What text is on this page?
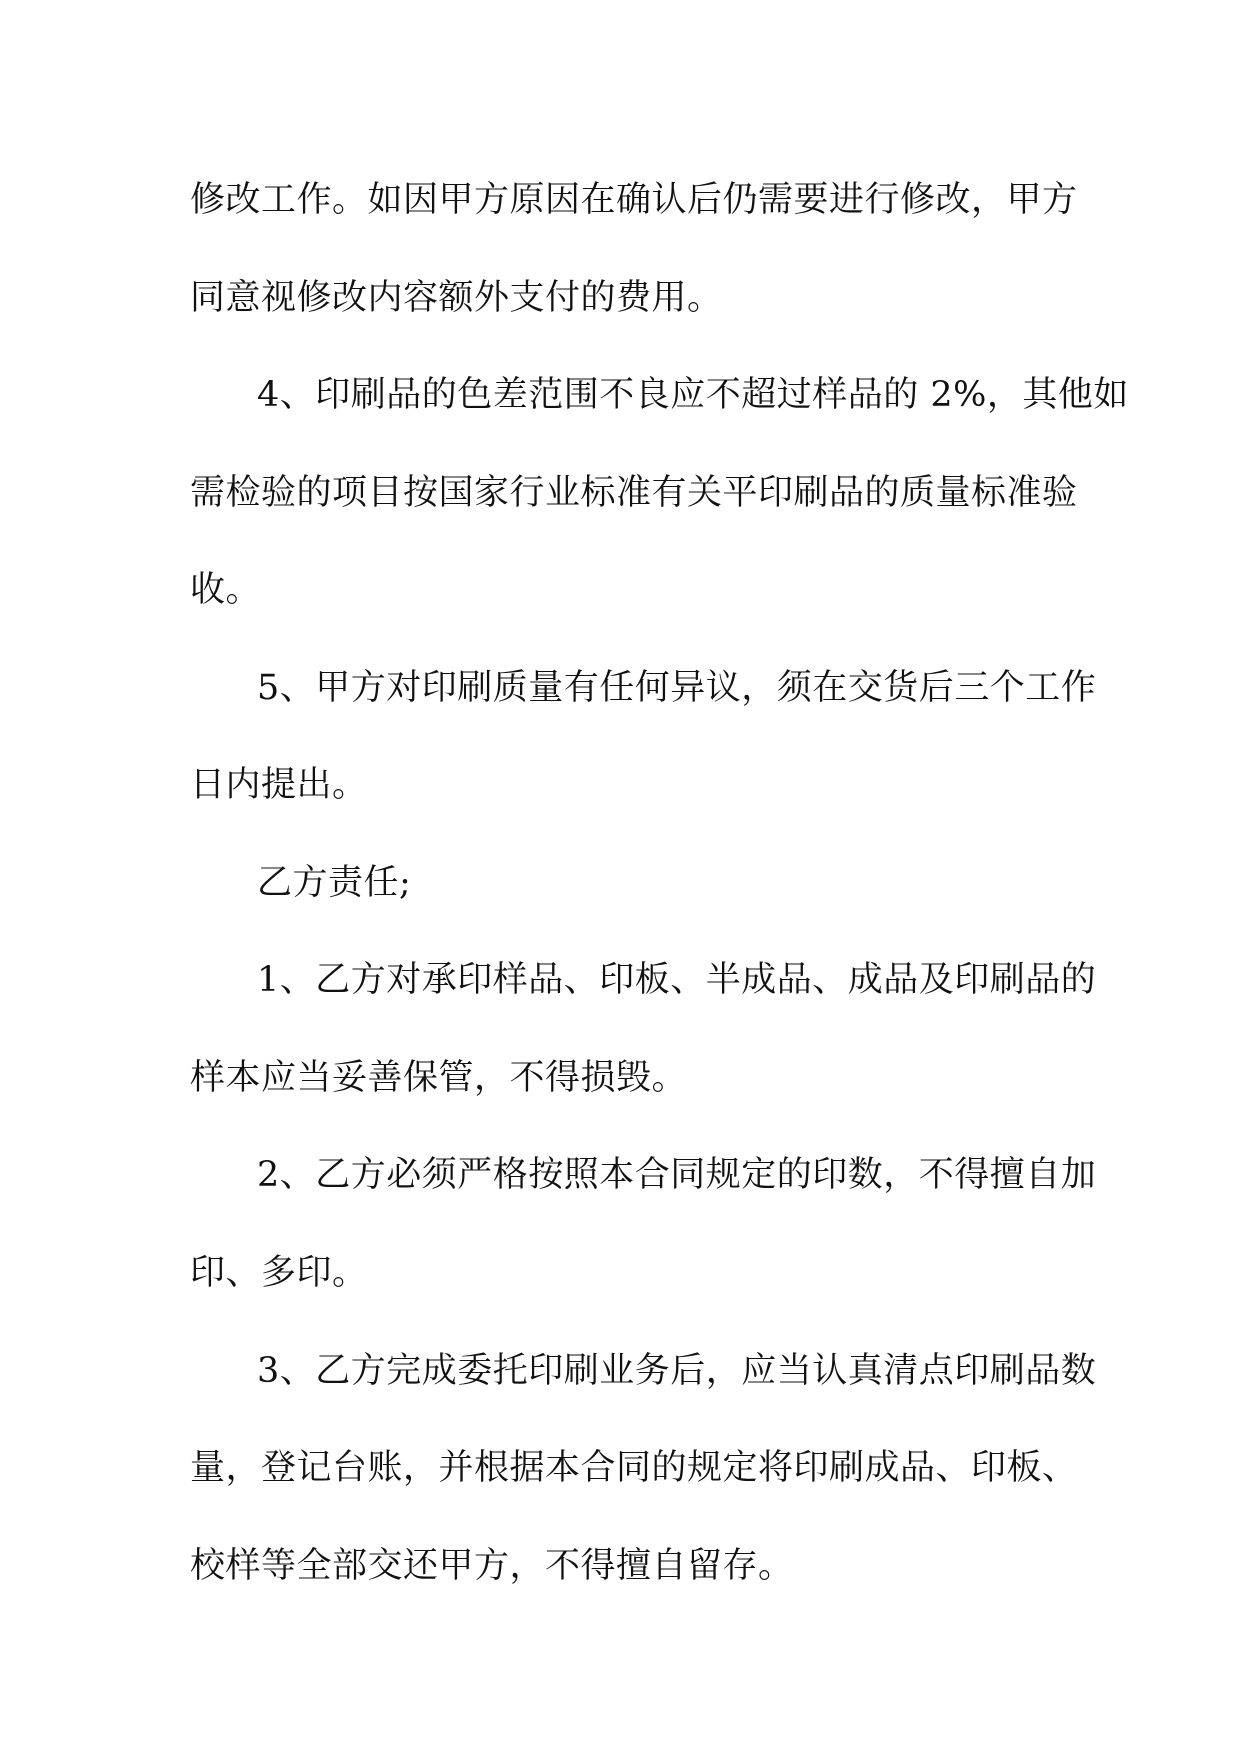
修改工作。如因甲方原因在确认后仍需要进行修改，甲方

同意视修改内容额外支付的费用。

4、印刷品的色差范围不良应不超过样品的 2%，其他如

需检验的项目按国家行业标准有关平印刷品的质量标准验

收。

5、甲方对印刷质量有任何异议，须在交货后三个工作

日内提出。

乙方责任;

1、乙方对承印样品、印板、半成品、成品及印刷品的

样本应当妥善保管，不得损毁。

2、乙方必须严格按照本合同规定的印数，不得擅自加

印、多印。

3、乙方完成委托印刷业务后，应当认真清点印刷品数

量，登记台账，并根据本合同的规定将印刷成品、印板、

校样等全部交还甲方，不得擅自留存。
